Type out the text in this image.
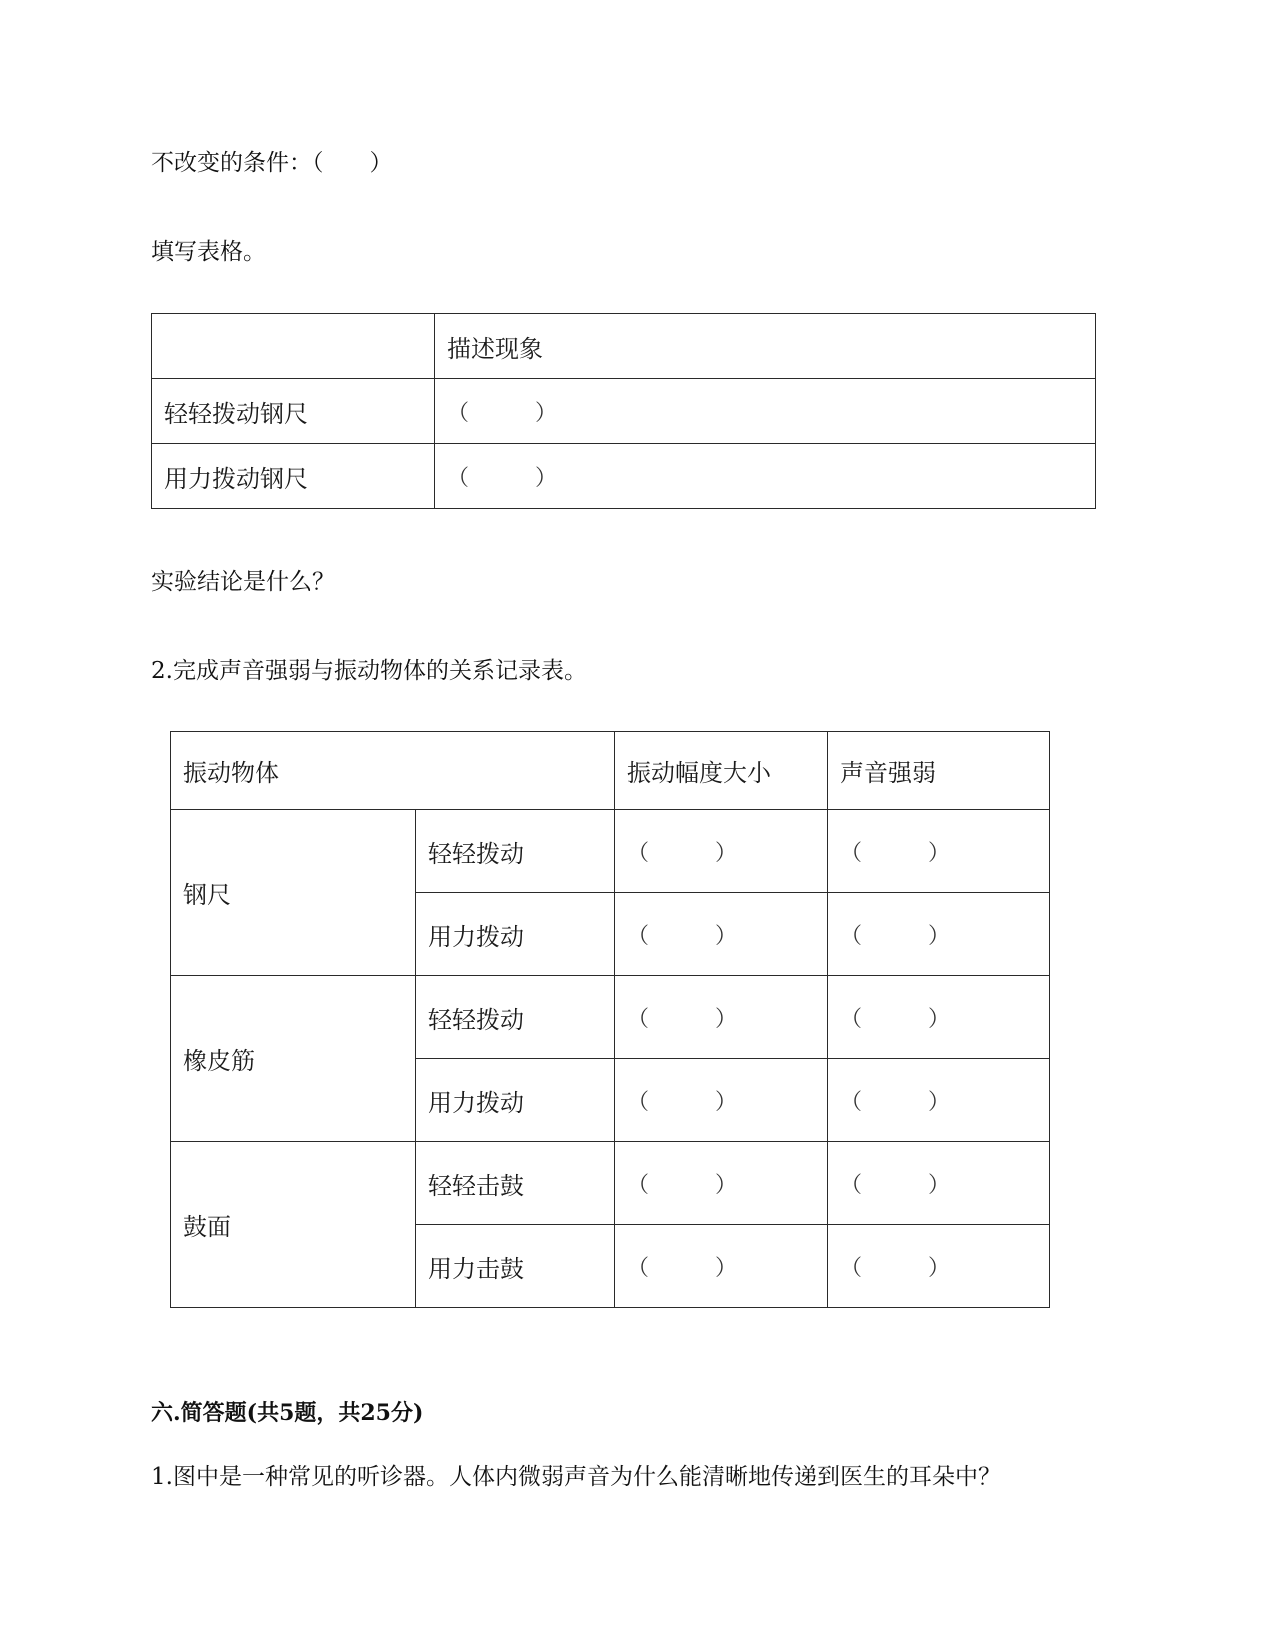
不改变的条件：（　　）
填写表格。
	描述现象
轻轻拨动钢尺	（　　　）
用力拨动钢尺	（　　　）
实验结论是什么？
2.完成声音强弱与振动物体的关系记录表。
振动物体		振动幅度大小	声音强弱
钢尺	轻轻拨动	（　　　）	（　　　）
	用力拨动	（　　　）	（　　　）
橡皮筋	轻轻拨动	（　　　）	（　　　）
	用力拨动	（　　　）	（　　　）
鼓面	轻轻击鼓	（　　　）	（　　　）
	用力击鼓	（　　　）	（　　　）
六.简答题(共5题，共25分)
1.图中是一种常见的听诊器。人体内微弱声音为什么能清晰地传递到医生的耳朵中？
